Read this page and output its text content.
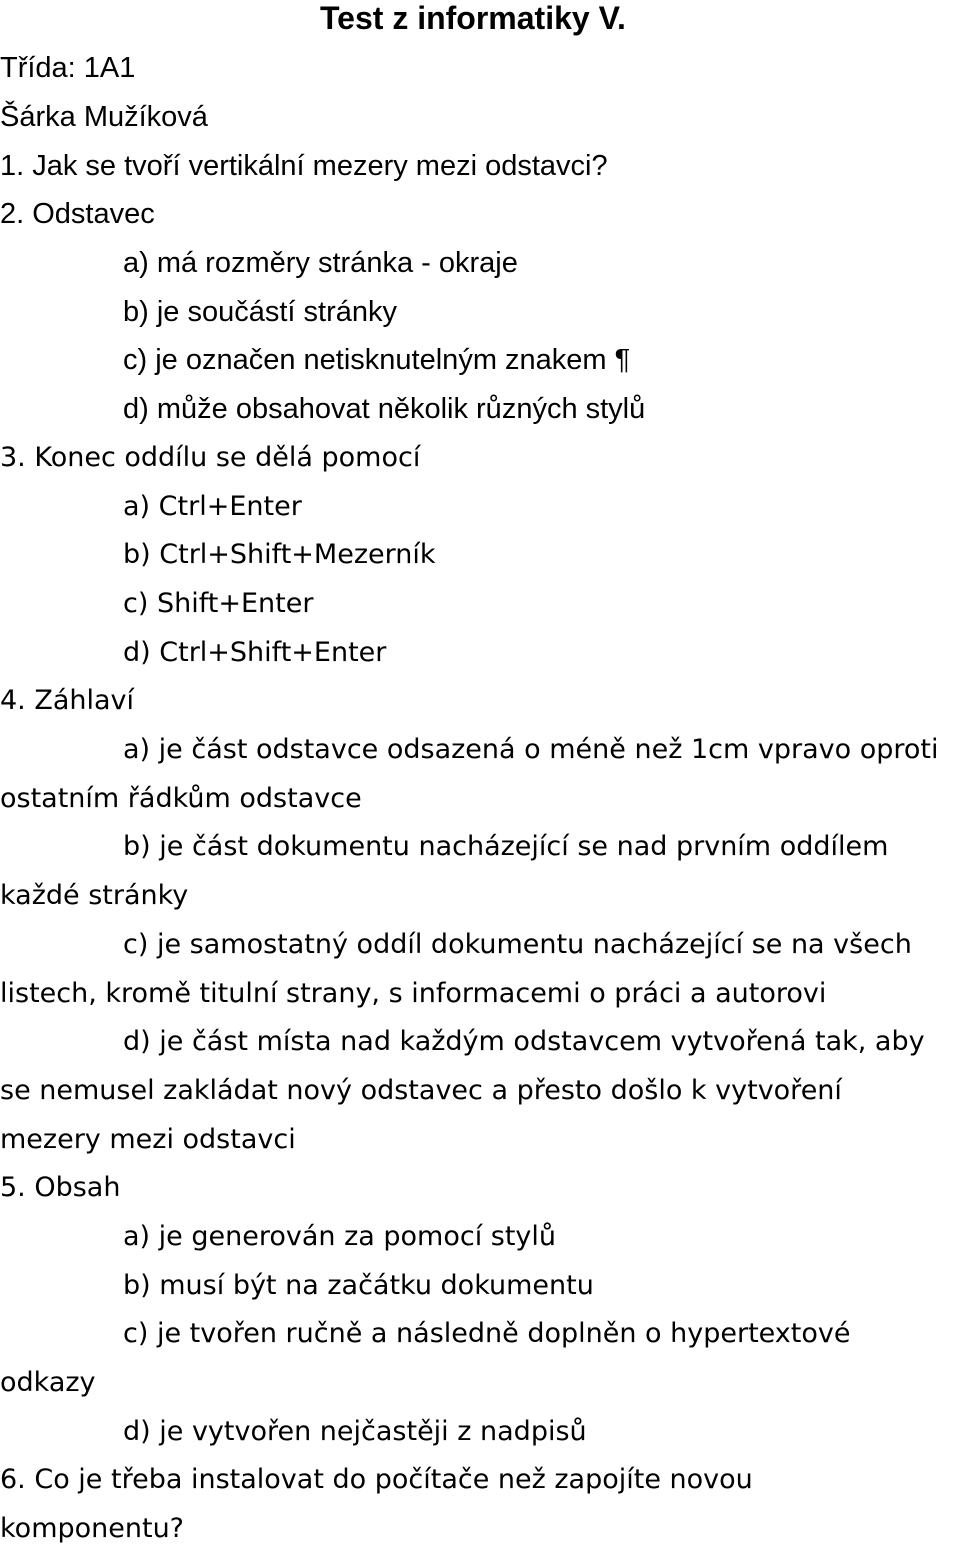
Test z informatiky V.
Třída: 1A1
Šárka Mužíková
1. Jak se tvoří vertikální mezery mezi odstavci?
2. Odstavec
a) má rozměry stránka - okraje
b) je součástí stránky
c) je označen netisknutelným znakem ¶
d) může obsahovat několik různých stylů
3. Konec oddílu se dělá pomocí
a) Ctrl+Enter
b) Ctrl+Shift+Mezerník
c) Shift+Enter
d) Ctrl+Shift+Enter
4. Záhlaví
a) je část odstavce odsazená o méně než 1cm vpravo oproti
ostatním řádkům odstavce
b) je část dokumentu nacházející se nad prvním oddílem
každé stránky
c) je samostatný oddíl dokumentu nacházející se na všech
listech, kromě titulní strany, s informacemi o práci a autorovi
d) je část místa nad každým odstavcem vytvořená tak, aby
se nemusel zakládat nový odstavec a přesto došlo k vytvoření
mezery mezi odstavci
5. Obsah
a) je generován za pomocí stylů
b) musí být na začátku dokumentu
c) je tvořen ručně a následně doplněn o hypertextové
odkazy
d) je vytvořen nejčastěji z nadpisů
6. Co je třeba instalovat do počítače než zapojíte novou
komponentu?
